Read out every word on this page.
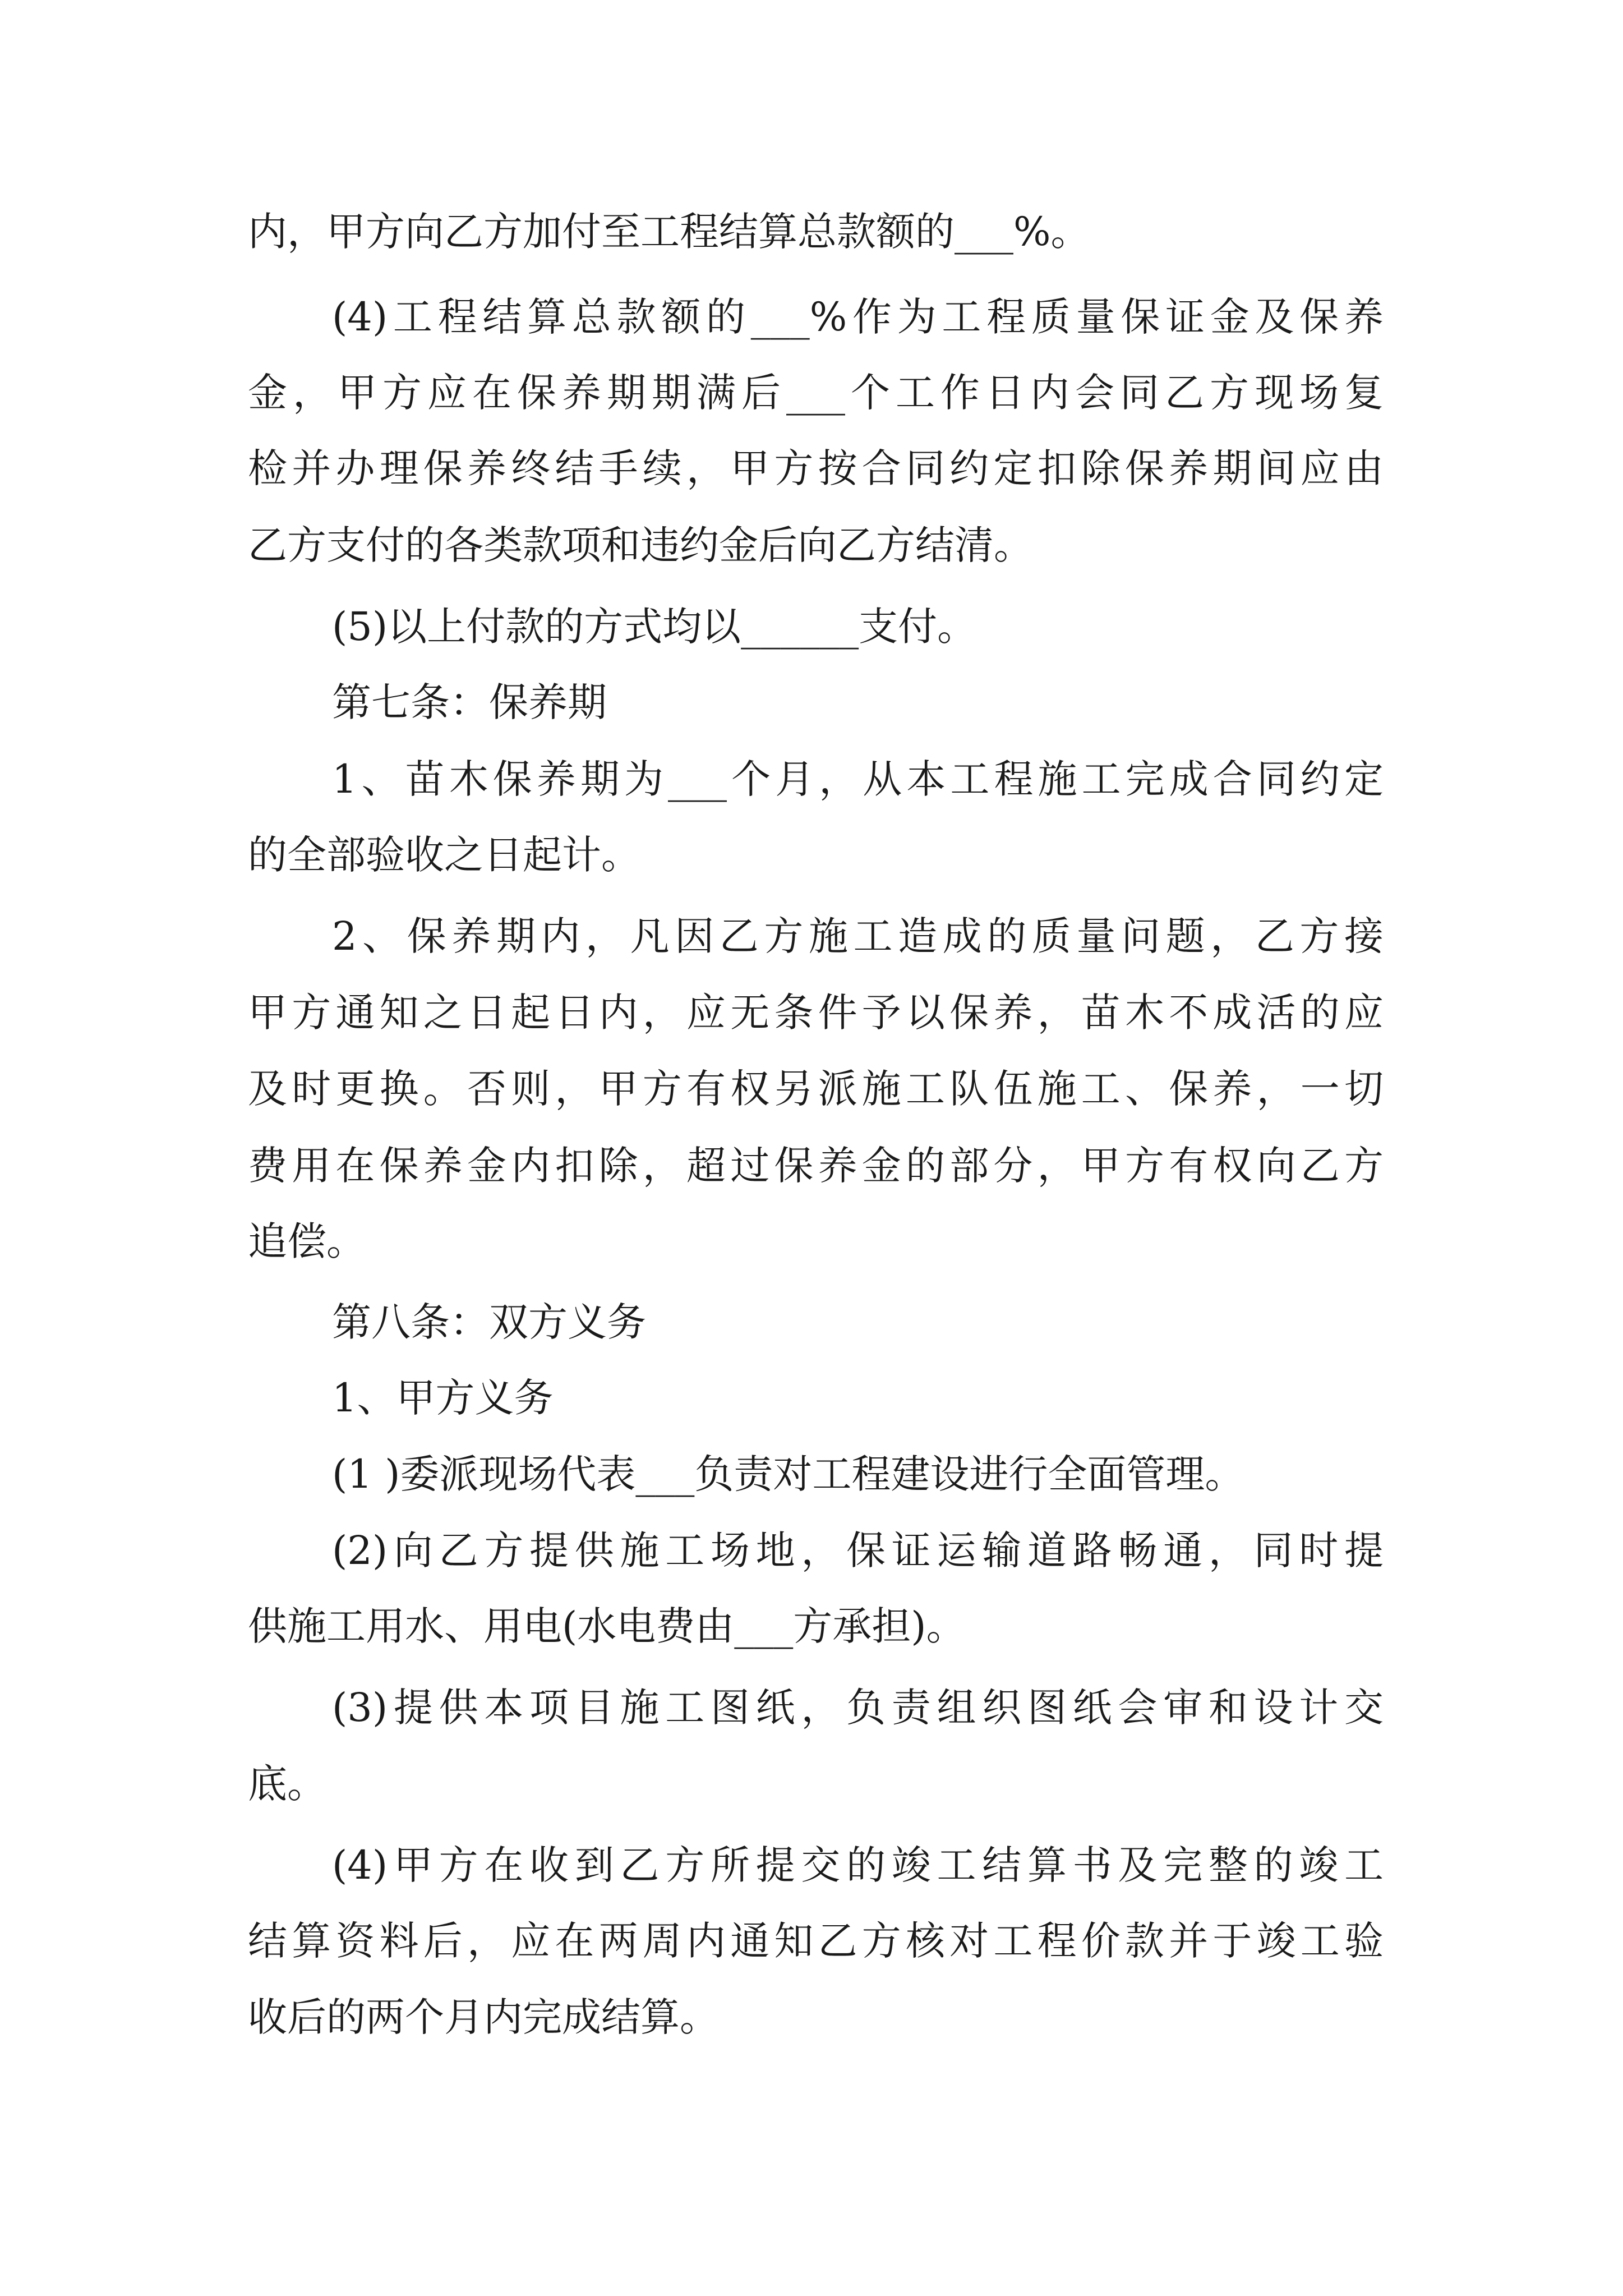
内，甲方向乙方加付至工程结算总款额的___%。
(4)工程结算总款额的___%作为工程质量保证金及保养
金，甲方应在保养期期满后___个工作日内会同乙方现场复
检并办理保养终结手续，甲方按合同约定扣除保养期间应由
乙方支付的各类款项和违约金后向乙方结清。
(5)以上付款的方式均以______支付。
第七条：保养期
1、苗木保养期为___个月，从本工程施工完成合同约定
的全部验收之日起计。
2、保养期内，凡因乙方施工造成的质量问题，乙方接
甲方通知之日起日内，应无条件予以保养，苗木不成活的应
及时更换。否则，甲方有权另派施工队伍施工、保养，一切
费用在保养金内扣除，超过保养金的部分，甲方有权向乙方
追偿。
第八条：双方义务
1、甲方义务
(1 )委派现场代表___负责对工程建设进行全面管理。
(2)向乙方提供施工场地，保证运输道路畅通，同时提
供施工用水、用电(水电费由___方承担)。
(3)提供本项目施工图纸，负责组织图纸会审和设计交
底。
(4)甲方在收到乙方所提交的竣工结算书及完整的竣工
结算资料后，应在两周内通知乙方核对工程价款并于竣工验
收后的两个月内完成结算。
